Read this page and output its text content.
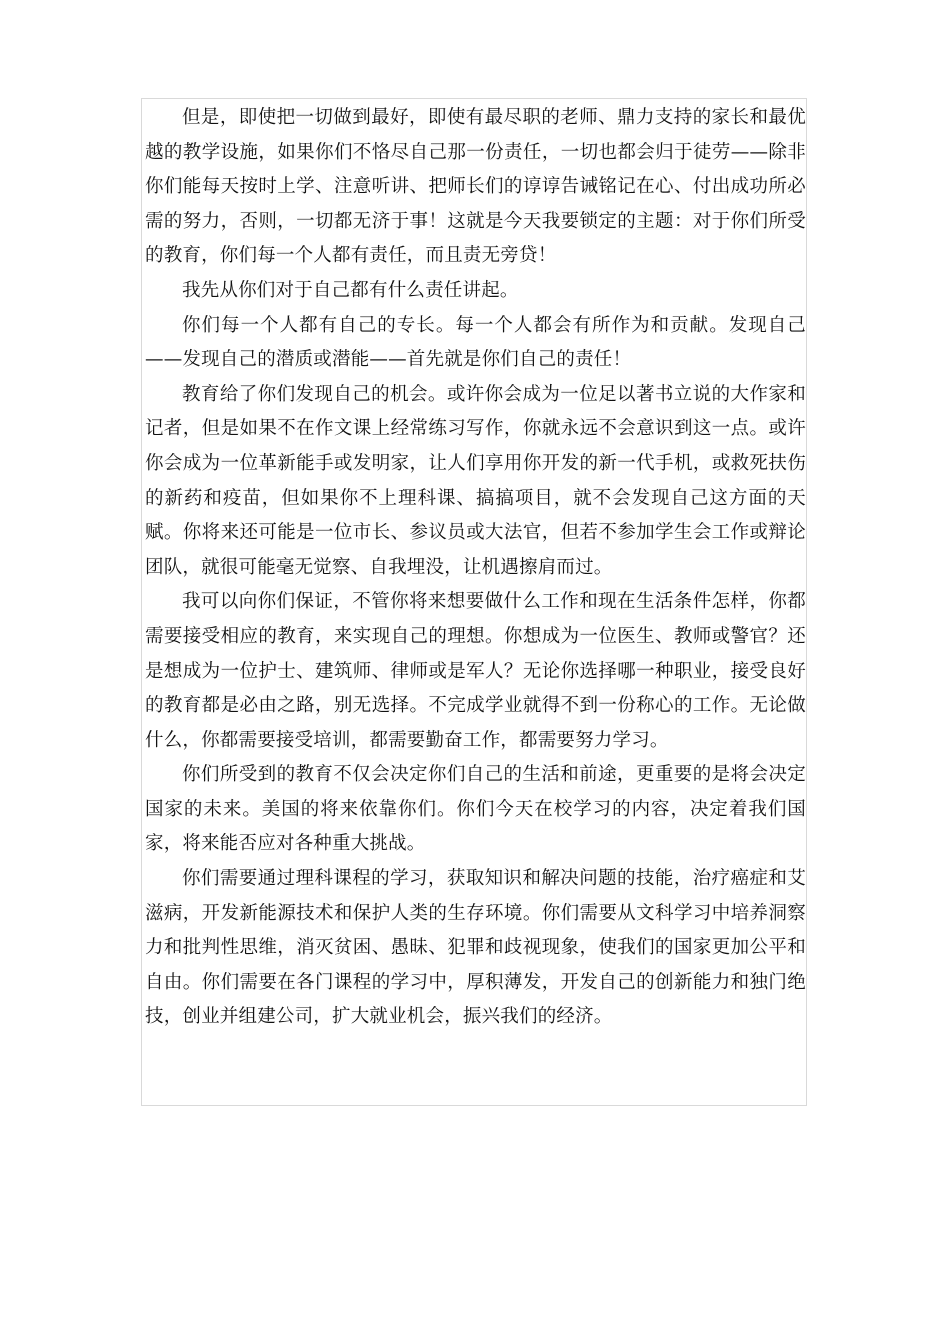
但是，即使把一切做到最好，即使有最尽职的老师、鼎力支持的家长和最优越的教学设施，如果你们不恪尽自己那一份责任，一切也都会归于徒劳——除非你们能每天按时上学、注意听讲、把师长们的谆谆告诫铭记在心、付出成功所必需的努力，否则，一切都无济于事！这就是今天我要锁定的主题：对于你们所受的教育，你们每一个人都有责任，而且责无旁贷！

我先从你们对于自己都有什么责任讲起。

你们每一个人都有自己的专长。每一个人都会有所作为和贡献。发现自己——发现自己的潜质或潜能——首先就是你们自己的责任！

教育给了你们发现自己的机会。或许你会成为一位足以著书立说的大作家和记者，但是如果不在作文课上经常练习写作，你就永远不会意识到这一点。或许你会成为一位革新能手或发明家，让人们享用你开发的新一代手机，或救死扶伤的新药和疫苗，但如果你不上理科课、搞搞项目，就不会发现自己这方面的天赋。你将来还可能是一位市长、参议员或大法官，但若不参加学生会工作或辩论团队，就很可能毫无觉察、自我埋没，让机遇擦肩而过。

我可以向你们保证，不管你将来想要做什么工作和现在生活条件怎样，你都需要接受相应的教育，来实现自己的理想。你想成为一位医生、教师或警官？还是想成为一位护士、建筑师、律师或是军人？无论你选择哪一种职业，接受良好的教育都是必由之路，别无选择。不完成学业就得不到一份称心的工作。无论做什么，你都需要接受培训，都需要勤奋工作，都需要努力学习。

你们所受到的教育不仅会决定你们自己的生活和前途，更重要的是将会决定国家的未来。美国的将来依靠你们。你们今天在校学习的内容，决定着我们国家，将来能否应对各种重大挑战。

你们需要通过理科课程的学习，获取知识和解决问题的技能，治疗癌症和艾滋病，开发新能源技术和保护人类的生存环境。你们需要从文科学习中培养洞察力和批判性思维，消灭贫困、愚昧、犯罪和歧视现象，使我们的国家更加公平和自由。你们需要在各门课程的学习中，厚积薄发，开发自己的创新能力和独门绝技，创业并组建公司，扩大就业机会，振兴我们的经济。
